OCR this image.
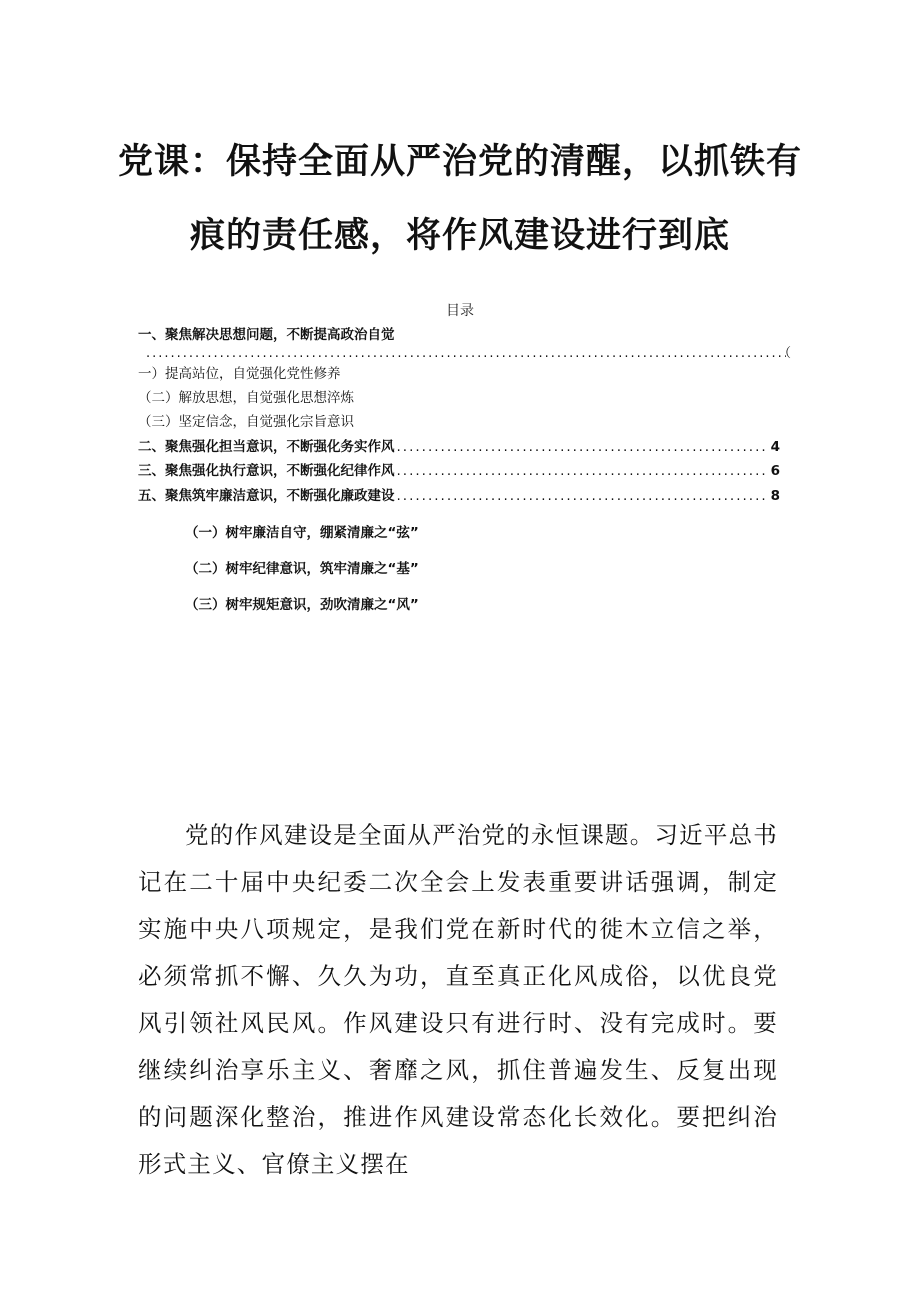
党课：保持全面从严治党的清醒，以抓铁有
痕的责任感，将作风建设进行到底
目录
一、聚焦解决思想问题，不断提高政治自觉
.....
（
一）提高站位，自觉强化党性修养
（二）解放思想，自觉强化思想淬炼
（三）坚定信念，自觉强化宗旨意识
二、聚焦强化担当意识，不断强化务实作风 .....	4
三、聚焦强化执行意识，不断强化纪律作风 .....	6
五、聚焦筑牢廉洁意识，不断强化廉政建设 .....	8
（一）树牢廉洁自守，绷紧清廉之“弦”
（二）树牢纪律意识，筑牢清廉之“基”
（三）树牢规矩意识，劲吹清廉之“风”
党的作风建设是全面从严治党的永恒课题。习近平总书记在二十届中央纪委二次全会上发表重要讲话强调，制定实施中央八项规定，是我们党在新时代的徙木立信之举，必须常抓不懈、久久为功，直至真正化风成俗，以优良党风引领社风民风。作风建设只有进行时、没有完成时。要继续纠治享乐主义、奢靡之风，抓住普遍发生、反复出现的问题深化整治，推进作风建设常态化长效化。要把纠治形式主义、官僚主义摆在
